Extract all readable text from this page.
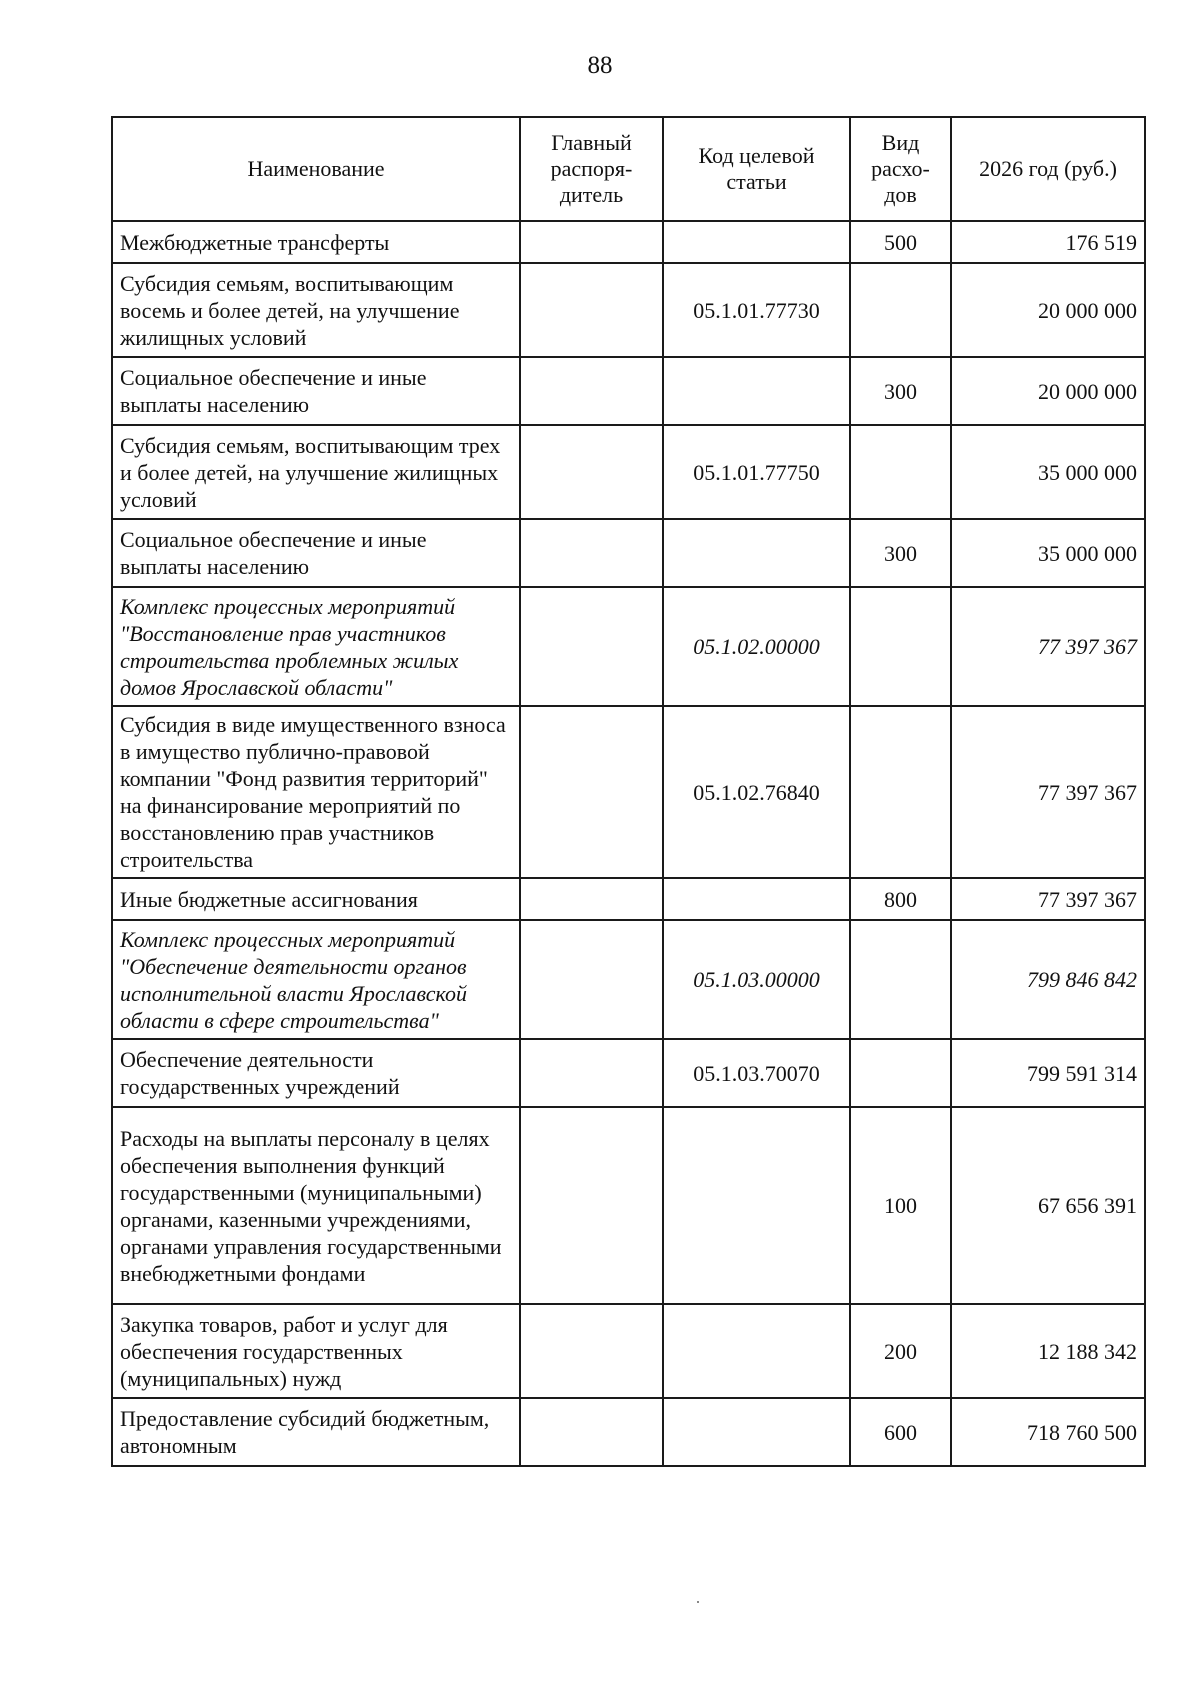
88
Наименование	Главный распоря-дитель	Код целевой статьи	Вид расхо-дов	2026 год (руб.)
Межбюджетные трансферты			500	176 519
Субсидия семьям, воспитывающим восемь и более детей, на улучшение жилищных условий		05.1.01.77730		20 000 000
Социальное обеспечение и иные выплаты населению			300	20 000 000
Субсидия семьям, воспитывающим трех и более детей, на улучшение жилищных условий		05.1.01.77750		35 000 000
Социальное обеспечение и иные выплаты населению			300	35 000 000
Комплекс процессных мероприятий "Восстановление прав участников строительства проблемных жилых домов Ярославской области"		05.1.02.00000		77 397 367
Субсидия в виде имущественного взноса в имущество публично-правовой компании "Фонд развития территорий" на финансирование мероприятий по восстановлению прав участников строительства		05.1.02.76840		77 397 367
Иные бюджетные ассигнования			800	77 397 367
Комплекс процессных мероприятий "Обеспечение деятельности органов исполнительной власти Ярославской области в сфере строительства"		05.1.03.00000		799 846 842
Обеспечение деятельности государственных учреждений		05.1.03.70070		799 591 314
Расходы на выплаты персоналу в целях обеспечения выполнения функций государственными (муниципальными) органами, казенными учреждениями, органами управления государственными внебюджетными фондами			100	67 656 391
Закупка товаров, работ и услуг для обеспечения государственных (муниципальных) нужд			200	12 188 342
Предоставление субсидий бюджетным, автономным			600	718 760 500
